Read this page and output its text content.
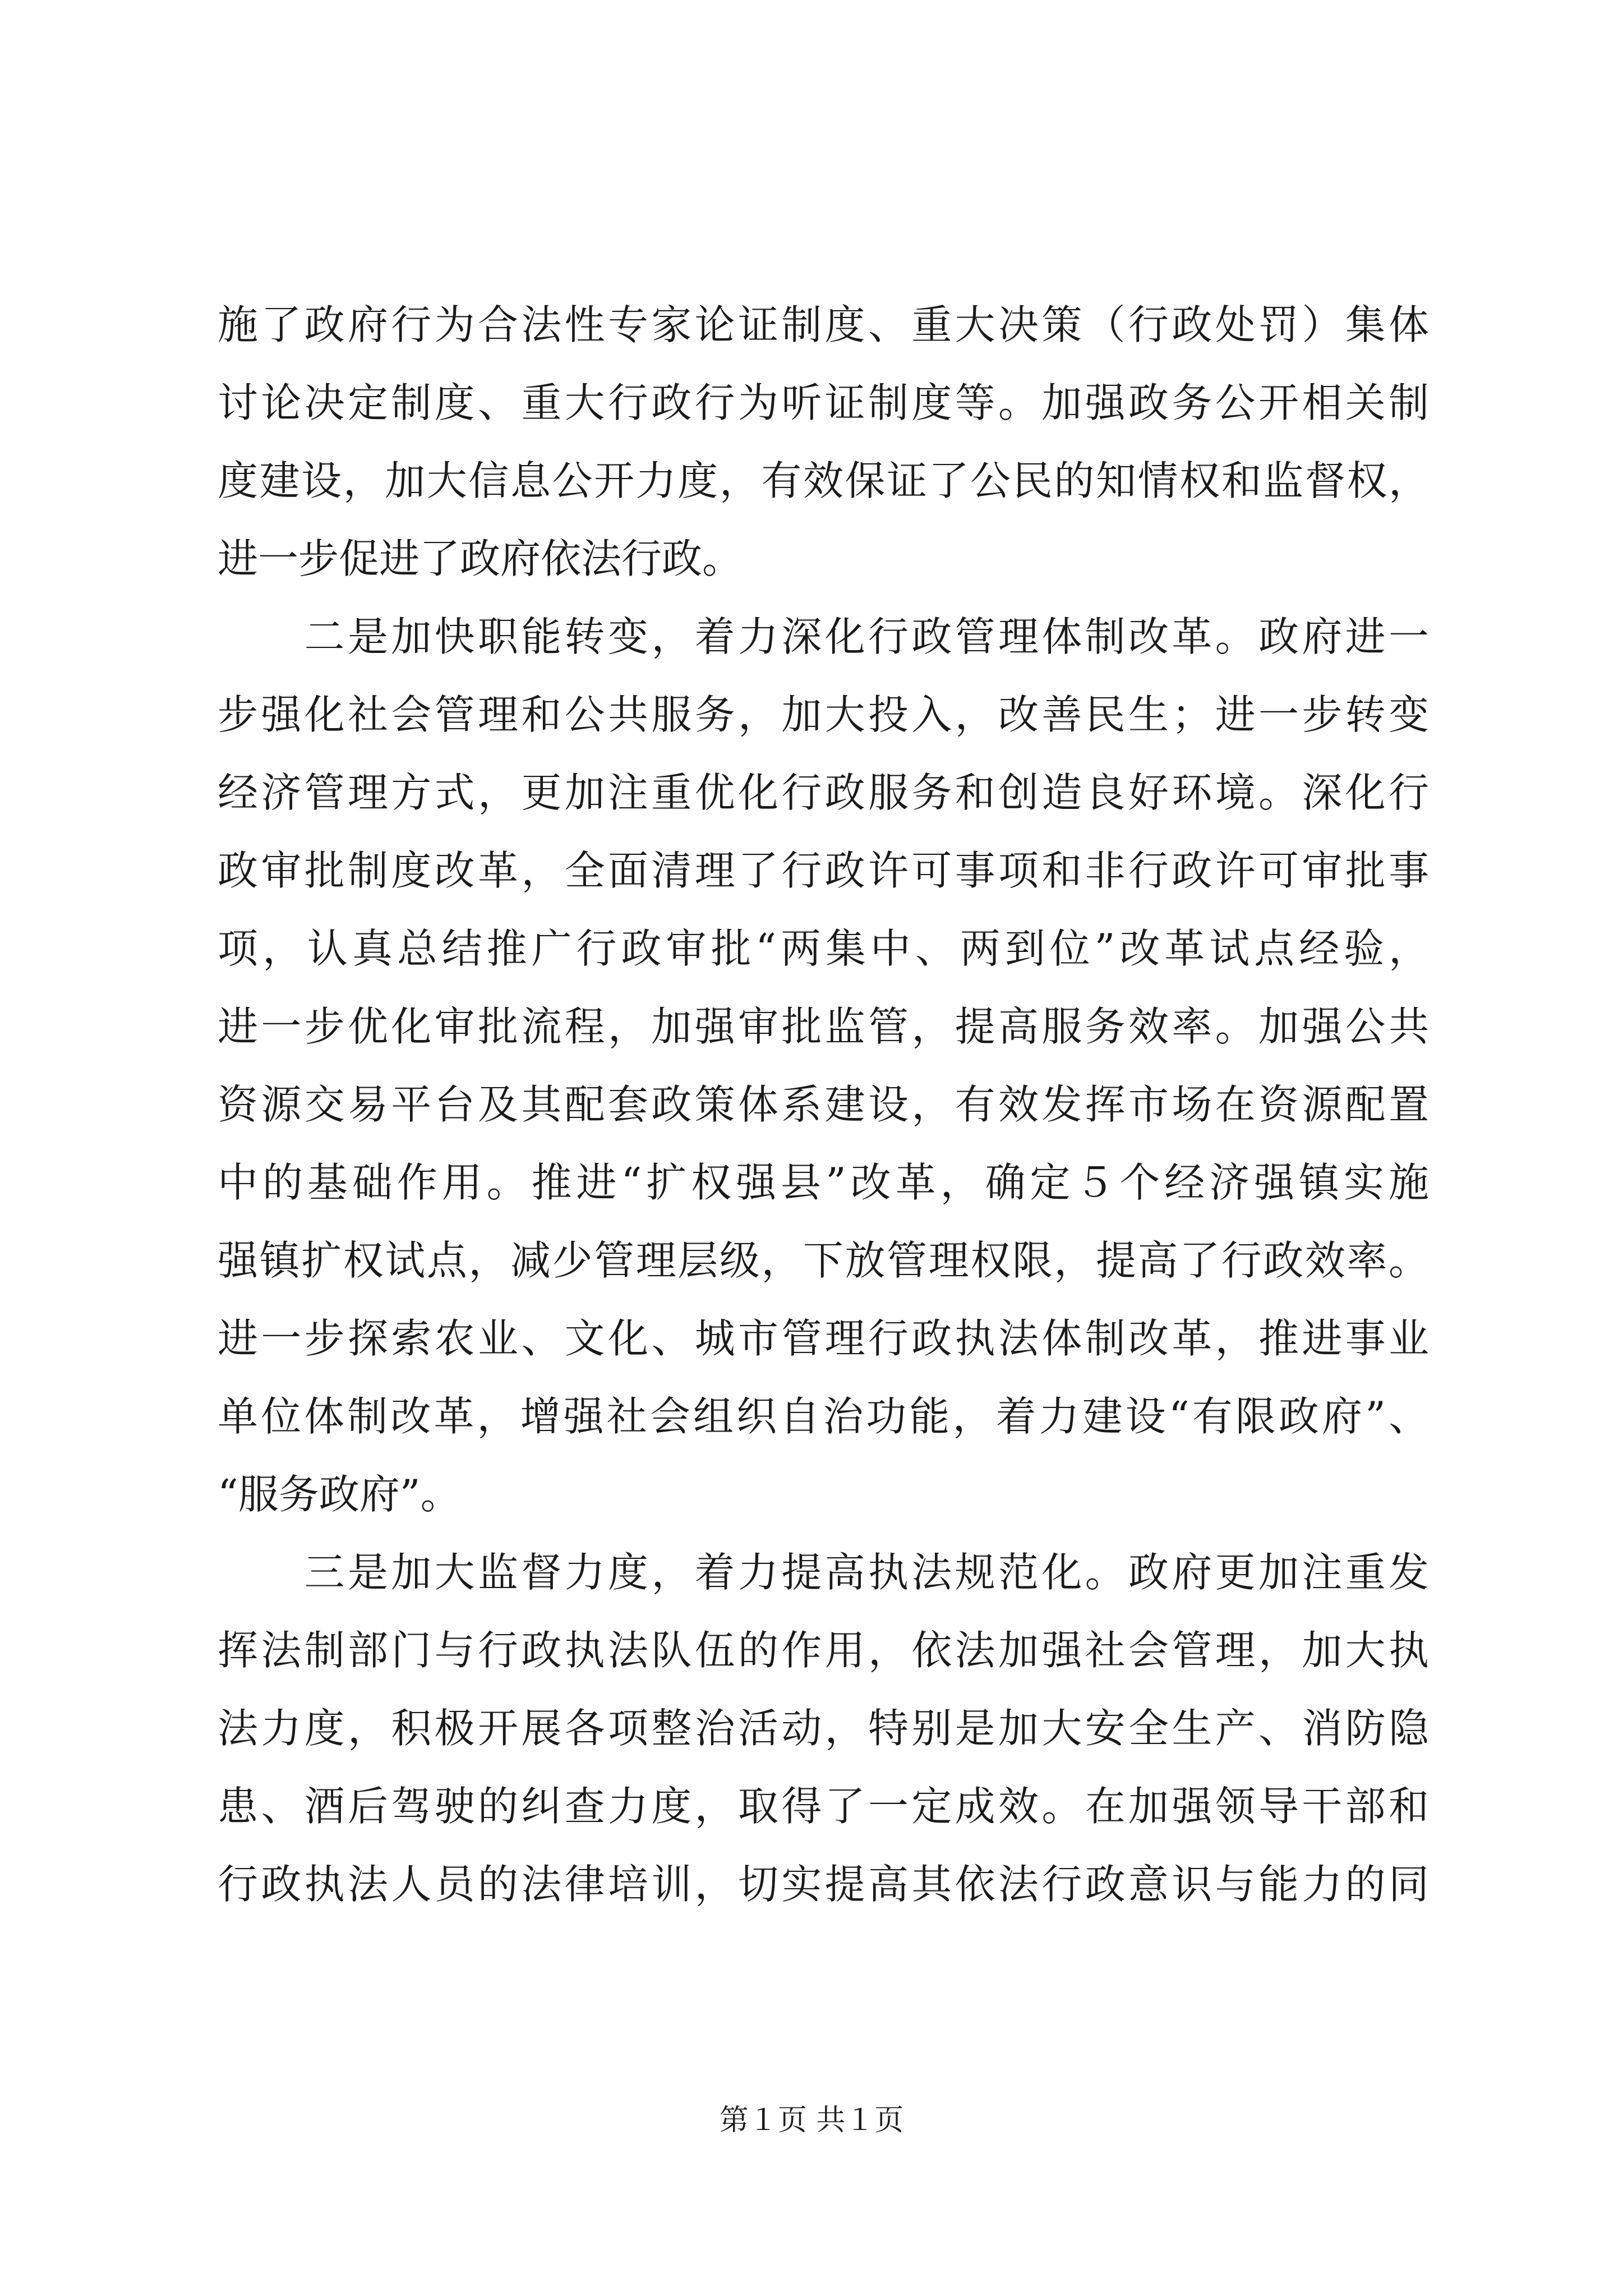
施了政府行为合法性专家论证制度、重大决策（行政处罚）集体
讨论决定制度、重大行政行为听证制度等。加强政务公开相关制
度建设，加大信息公开力度，有效保证了公民的知情权和监督权，
进一步促进了政府依法行政。
　　二是加快职能转变，着力深化行政管理体制改革。政府进一
步强化社会管理和公共服务，加大投入，改善民生；进一步转变
经济管理方式，更加注重优化行政服务和创造良好环境。深化行
政审批制度改革，全面清理了行政许可事项和非行政许可审批事
项，认真总结推广行政审批“两集中、两到位”改革试点经验，
进一步优化审批流程，加强审批监管，提高服务效率。加强公共
资源交易平台及其配套政策体系建设，有效发挥市场在资源配置
中的基础作用。推进“扩权强县”改革，确定５个经济强镇实施
强镇扩权试点，减少管理层级，下放管理权限，提高了行政效率。
进一步探索农业、文化、城市管理行政执法体制改革，推进事业
单位体制改革，增强社会组织自治功能，着力建设“有限政府”、
“服务政府”。
　　三是加大监督力度，着力提高执法规范化。政府更加注重发
挥法制部门与行政执法队伍的作用，依法加强社会管理，加大执
法力度，积极开展各项整治活动，特别是加大安全生产、消防隐
患、酒后驾驶的纠查力度，取得了一定成效。在加强领导干部和
行政执法人员的法律培训，切实提高其依法行政意识与能力的同
第１页 共１页
